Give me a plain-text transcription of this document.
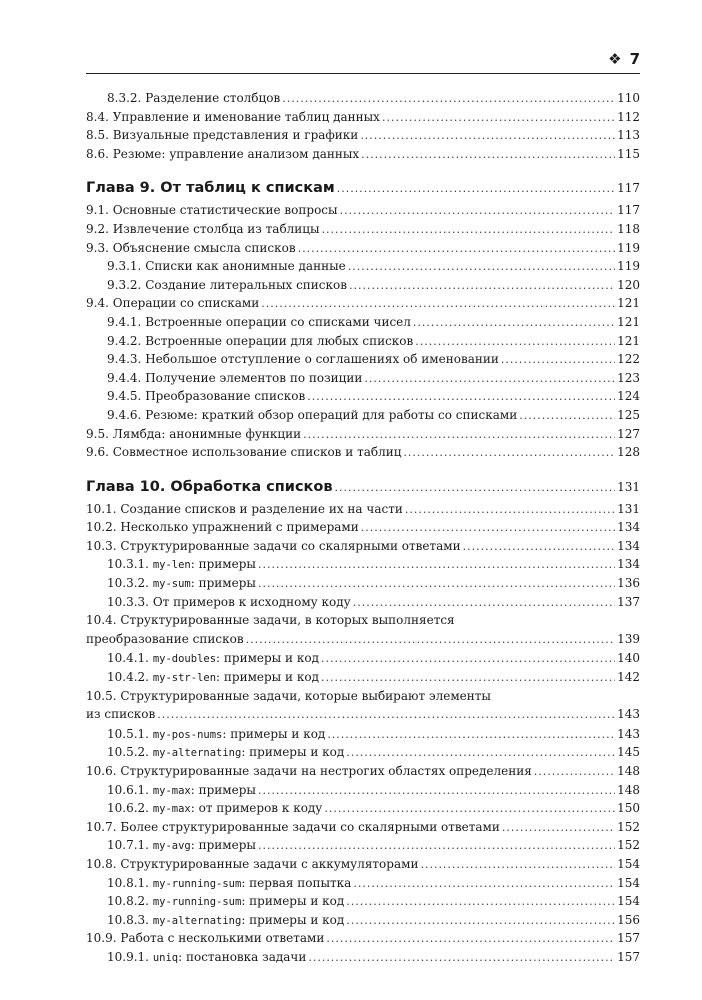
❖ 7
8.3.2. Разделение столбцов .....	110
8.4. Управление и именование таблиц данных .....	112
8.5. Визуальные представления и графики .....	113
8.6. Резюме: управление анализом данных .....	115
Глава 9. От таблиц к спискам .....	117
9.1. Основные статистические вопросы .....	117
9.2. Извлечение столбца из таблицы .....	118
9.3. Объяснение смысла списков .....	119
9.3.1. Списки как анонимные данные .....	119
9.3.2. Создание литеральных списков .....	120
9.4. Операции со списками .....	121
9.4.1. Встроенные операции со списками чисел .....	121
9.4.2. Встроенные операции для любых списков .....	121
9.4.3. Небольшое отступление о соглашениях об именовании .....	122
9.4.4. Получение элементов по позиции .....	123
9.4.5. Преобразование списков .....	124
9.4.6. Резюме: краткий обзор операций для работы со списками .....	125
9.5. Лямбда: анонимные функции .....	127
9.6. Совместное использование списков и таблиц .....	128
Глава 10. Обработка списков .....	131
10.1. Создание списков и разделение их на части .....	131
10.2. Несколько упражнений с примерами .....	134
10.3. Структурированные задачи со скалярными ответами .....	134
10.3.1. my-len: примеры .....	134
10.3.2. my-sum: примеры .....	136
10.3.3. От примеров к исходному коду .....	137
10.4. Структурированные задачи, в которых выполняется
преобразование списков .....	139
10.4.1. my-doubles: примеры и код .....	140
10.4.2. my-str-len: примеры и код .....	142
10.5. Структурированные задачи, которые выбирают элементы
из списков .....	143
10.5.1. my-pos-nums: примеры и код .....	143
10.5.2. my-alternating: примеры и код .....	145
10.6. Структурированные задачи на нестрогих областях определения .....	148
10.6.1. my-max: примеры .....	148
10.6.2. my-max: от примеров к коду .....	150
10.7. Более структурированные задачи со скалярными ответами .....	152
10.7.1. my-avg: примеры .....	152
10.8. Структурированные задачи с аккумуляторами .....	154
10.8.1. my-running-sum: первая попытка .....	154
10.8.2. my-running-sum: примеры и код .....	154
10.8.3. my-alternating: примеры и код .....	156
10.9. Работа с несколькими ответами .....	157
10.9.1. uniq: постановка задачи .....	157
